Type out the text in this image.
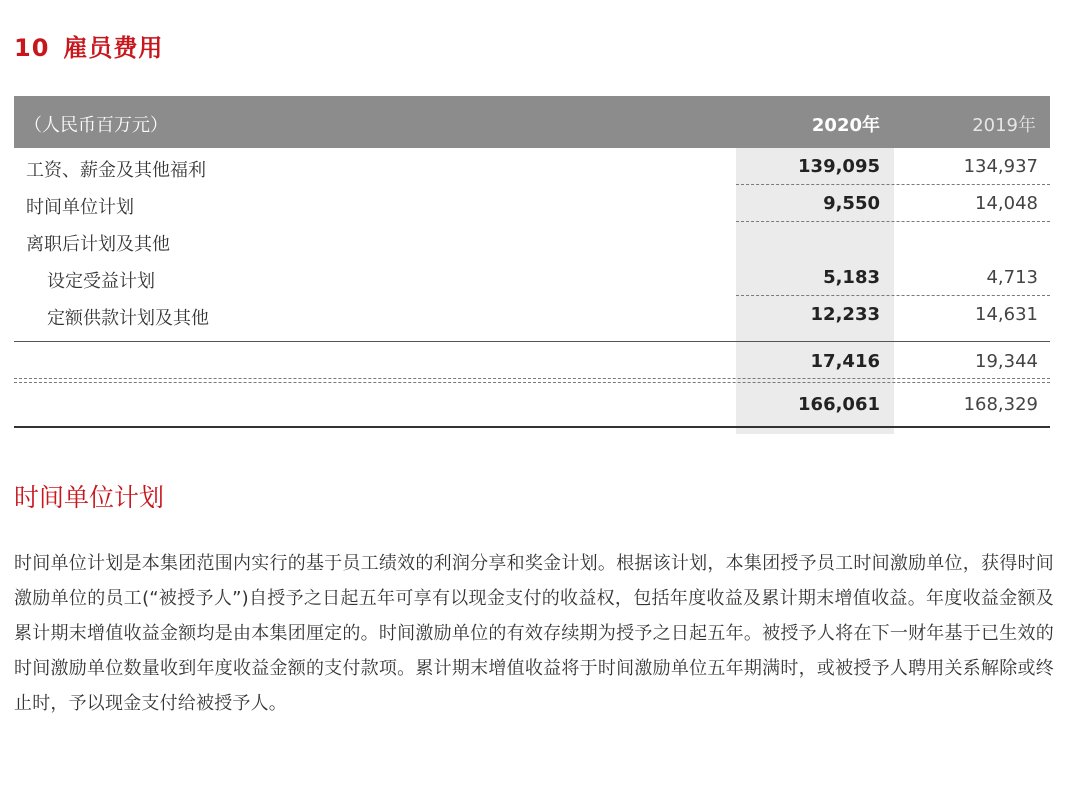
10 雇员费用
（人民币百万元）	2020年	2019年
工资、薪金及其他福利	139,095	134,937
时间单位计划	9,550	14,048
离职后计划及其他
设定受益计划	5,183	4,713
定额供款计划及其他	12,233	14,631
17,416	19,344
166,061	168,329
时间单位计划
时间单位计划是本集团范围内实行的基于员工绩效的利润分享和奖金计划。根据该计划，本集团授予员工时间激励单位，获得时间激励单位的员工(“被授予人”)自授予之日起五年可享有以现金支付的收益权，包括年度收益及累计期末增值收益。年度收益金额及累计期末增值收益金额均是由本集团厘定的。时间激励单位的有效存续期为授予之日起五年。被授予人将在下一财年基于已生效的时间激励单位数量收到年度收益金额的支付款项。累计期末增值收益将于时间激励单位五年期满时，或被授予人聘用关系解除或终止时，予以现金支付给被授予人。
